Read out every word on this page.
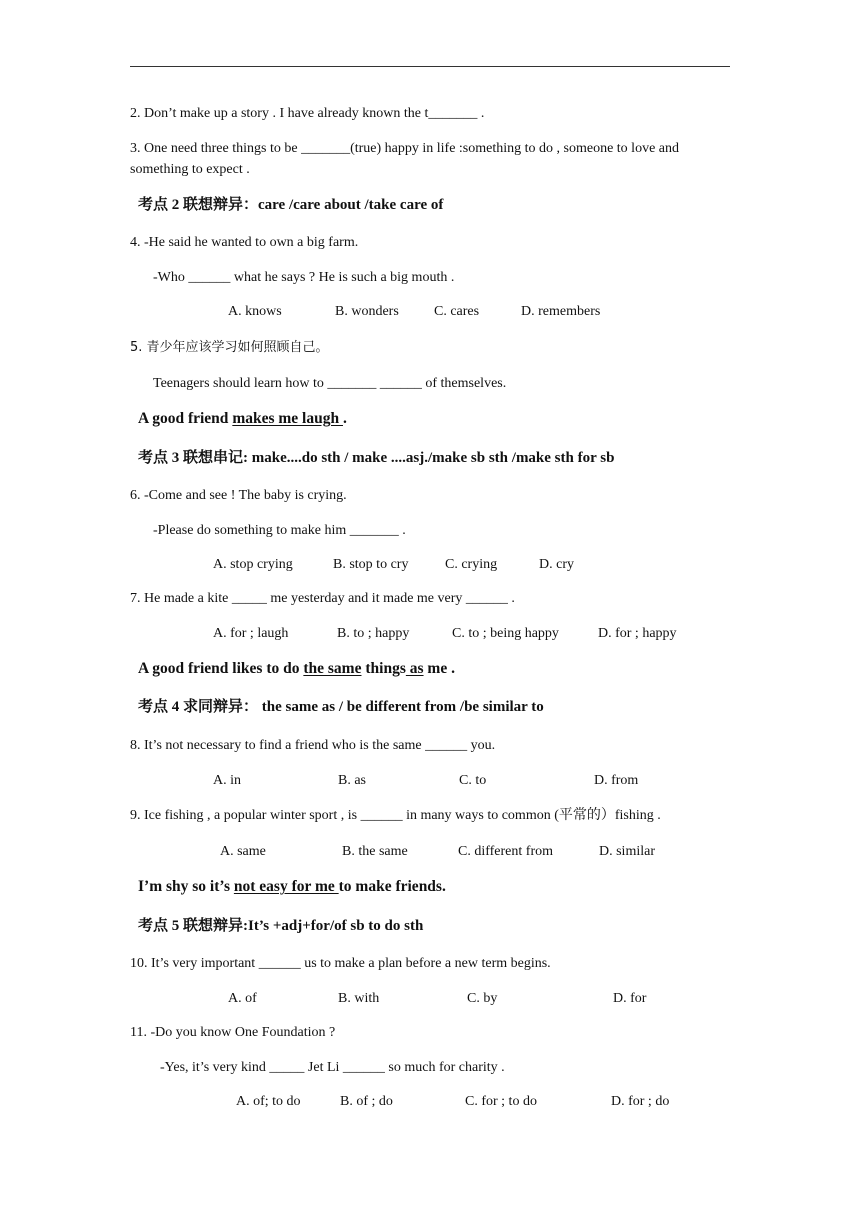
2. Don’t make up a story . I have already known the t_______ .
3. One need three things to be _______(true) happy in life :something to do , someone to love and something to expect .
考点 2 联想辩异：care /care about /take care of
4. -He said he wanted to own a big farm.
-Who ______ what he says ? He is such a big mouth .
A. knows	B. wonders	C. cares	D. remembers
5. 青少年应该学习如何照顾自己。
Teenagers should learn how to _______ ______ of themselves.
A good friend makes me laugh .
考点 3 联想串记: make....do sth / make ....asj./make sb sth /make sth for sb
6. -Come and see ! The baby is crying.
-Please do something to make him _______ .
A. stop crying	B. stop to cry	C. crying	D. cry
7. He made a kite _____ me yesterday and it made me very ______ .
A. for ; laugh	B. to ; happy	C. to ; being happy	D. for ; happy
A good friend likes to do the same things as me .
考点 4 求同辩异： the same as / be different from /be similar to
8. It’s not necessary to find a friend who is the same ______ you.
A. in	B. as	C. to	D. from
9. Ice fishing , a popular winter sport , is ______ in many ways to common (平常的）fishing .
A. same	B. the same	C. different from	D. similar
I’m shy so it’s not easy for me to make friends.
考点 5 联想辩异:It’s +adj+for/of sb to do sth
10. It’s very important ______ us to make a plan before a new term begins.
A. of	B. with	C. by	D. for
11. -Do you know One Foundation ?
-Yes, it’s very kind _____ Jet Li ______ so much for charity .
A. of; to do	B. of ; do	C. for ; to do	D. for ; do
